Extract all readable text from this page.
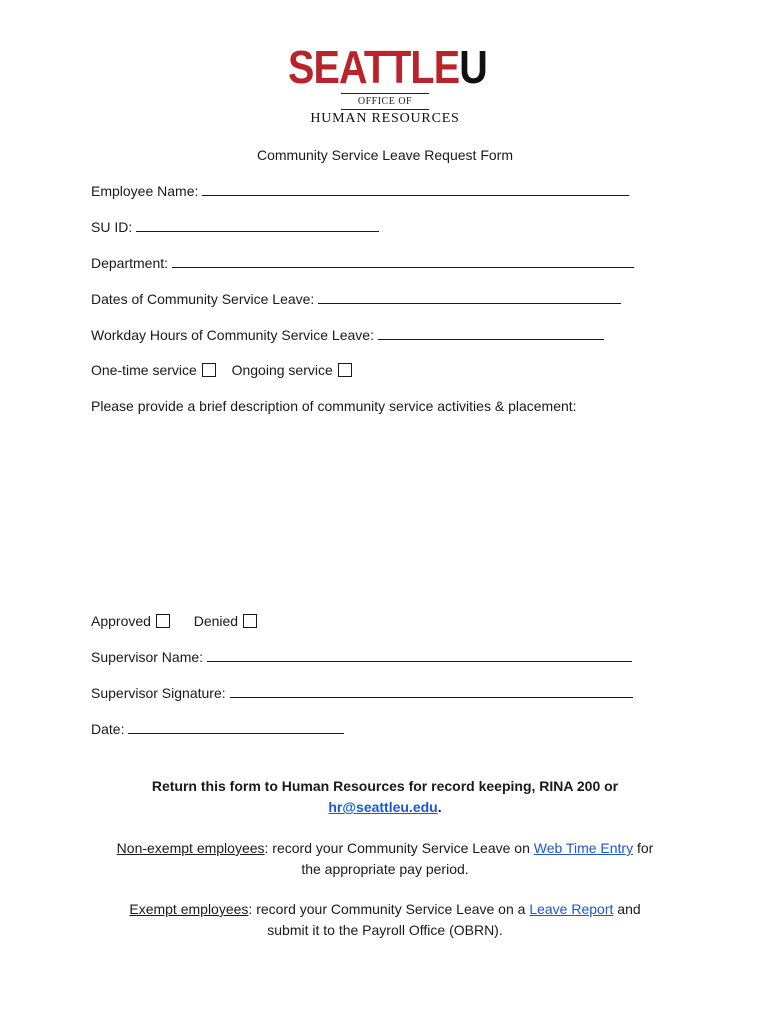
SEATTLEU
OFFICE OF
HUMAN RESOURCES
Community Service Leave Request Form
Employee Name:
SU ID:
Department:
Dates of Community Service Leave:
Workday Hours of Community Service Leave:
One-time service Ongoing service
Please provide a brief description of community service activities & placement:
Approved	Denied
Supervisor Name:
Supervisor Signature:
Date:
Return this form to Human Resources for record keeping, RINA 200 or
hr@seattleu.edu.
Non-exempt employees: record your Community Service Leave on Web Time Entry for
the appropriate pay period.
Exempt employees: record your Community Service Leave on a Leave Report and
submit it to the Payroll Office (OBRN).
